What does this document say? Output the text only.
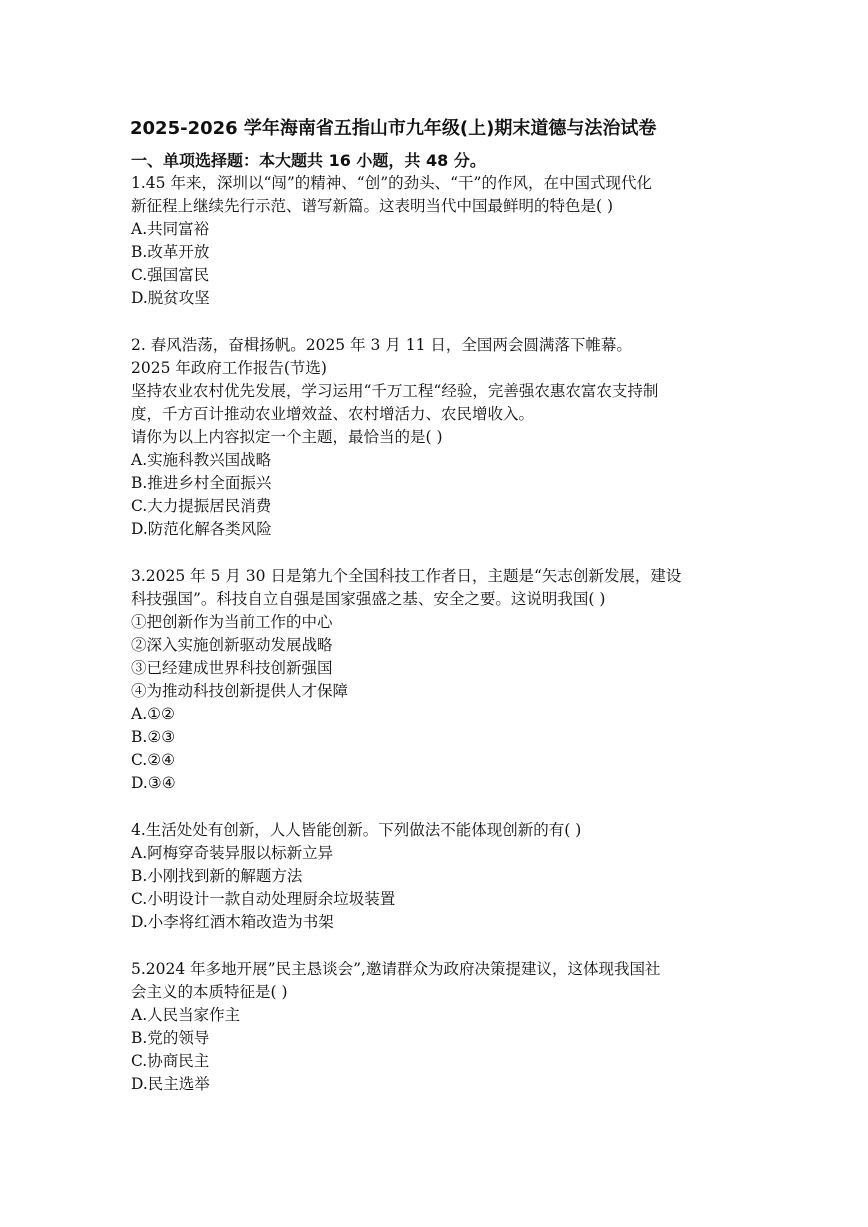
2025-2026 学年海南省五指山市九年级(上)期末道德与法治试卷
一、单项选择题：本大题共 16 小题，共 48 分。
1.45 年来，深圳以“闯”的精神、“创”的劲头、“干”的作风，在中国式现代化
新征程上继续先行示范、谱写新篇。这表明当代中国最鲜明的特色是( )
A.共同富裕
B.改革开放
C.强国富民
D.脱贫攻坚
2. 春风浩荡，奋楫扬帆。2025 年 3 月 11 日，全国两会圆满落下帷幕。
2025 年政府工作报告(节选)
坚持农业农村优先发展，学习运用“千万工程“经验，完善强农惠农富农支持制
度，千方百计推动农业增效益、农村增活力、农民增收入。
请你为以上内容拟定一个主题，最恰当的是( )
A.实施科教兴国战略
B.推进乡村全面振兴
C.大力提振居民消费
D.防范化解各类风险
3.2025 年 5 月 30 日是第九个全国科技工作者日，主题是“矢志创新发展，建设
科技强国”。科技自立自强是国家强盛之基、安全之要。这说明我国( )
①把创新作为当前工作的中心
②深入实施创新驱动发展战略
③已经建成世界科技创新强国
④为推动科技创新提供人才保障
A.①②
B.②③
C.②④
D.③④
4.生活处处有创新，人人皆能创新。下列做法不能体现创新的有( )
A.阿梅穿奇装异服以标新立异
B.小刚找到新的解题方法
C.小明设计一款自动处理厨余垃圾装置
D.小李将红酒木箱改造为书架
5.2024 年多地开展”民主恳谈会”,邀请群众为政府决策提建议，这体现我国社
会主义的本质特征是( )
A.人民当家作主
B.党的领导
C.协商民主
D.民主选举
